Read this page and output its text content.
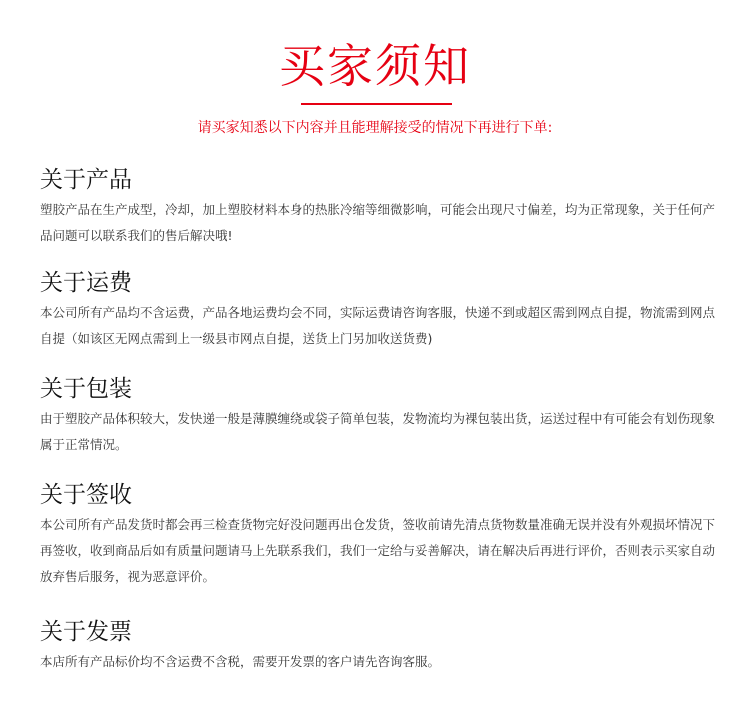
买家须知

请买家知悉以下内容并且能理解接受的情况下再进行下单:

关于产品

塑胶产品在生产成型，冷却，加上塑胶材料本身的热胀冷缩等细微影响，可能会出现尺寸偏差，均为正常现象，关于任何产品问题可以联系我们的售后解决哦!

关于运费

本公司所有产品均不含运费，产品各地运费均会不同，实际运费请咨询客服，快递不到或超区需到网点自提，物流需到网点自提（如该区无网点需到上一级县市网点自提，送货上门另加收送货费)

关于包装

由于塑胶产品体积较大，发快递一般是薄膜缠绕或袋子简单包装，发物流均为裸包装出货，运送过程中有可能会有划伤现象属于正常情况。

关于签收

本公司所有产品发货时都会再三检查货物完好没问题再出仓发货，签收前请先清点货物数量准确无误并没有外观损坏情况下再签收，收到商品后如有质量问题请马上先联系我们，我们一定给与妥善解决，请在解决后再进行评价，否则表示买家自动放弃售后服务，视为恶意评价。

关于发票

本店所有产品标价均不含运费不含税，需要开发票的客户请先咨询客服。
